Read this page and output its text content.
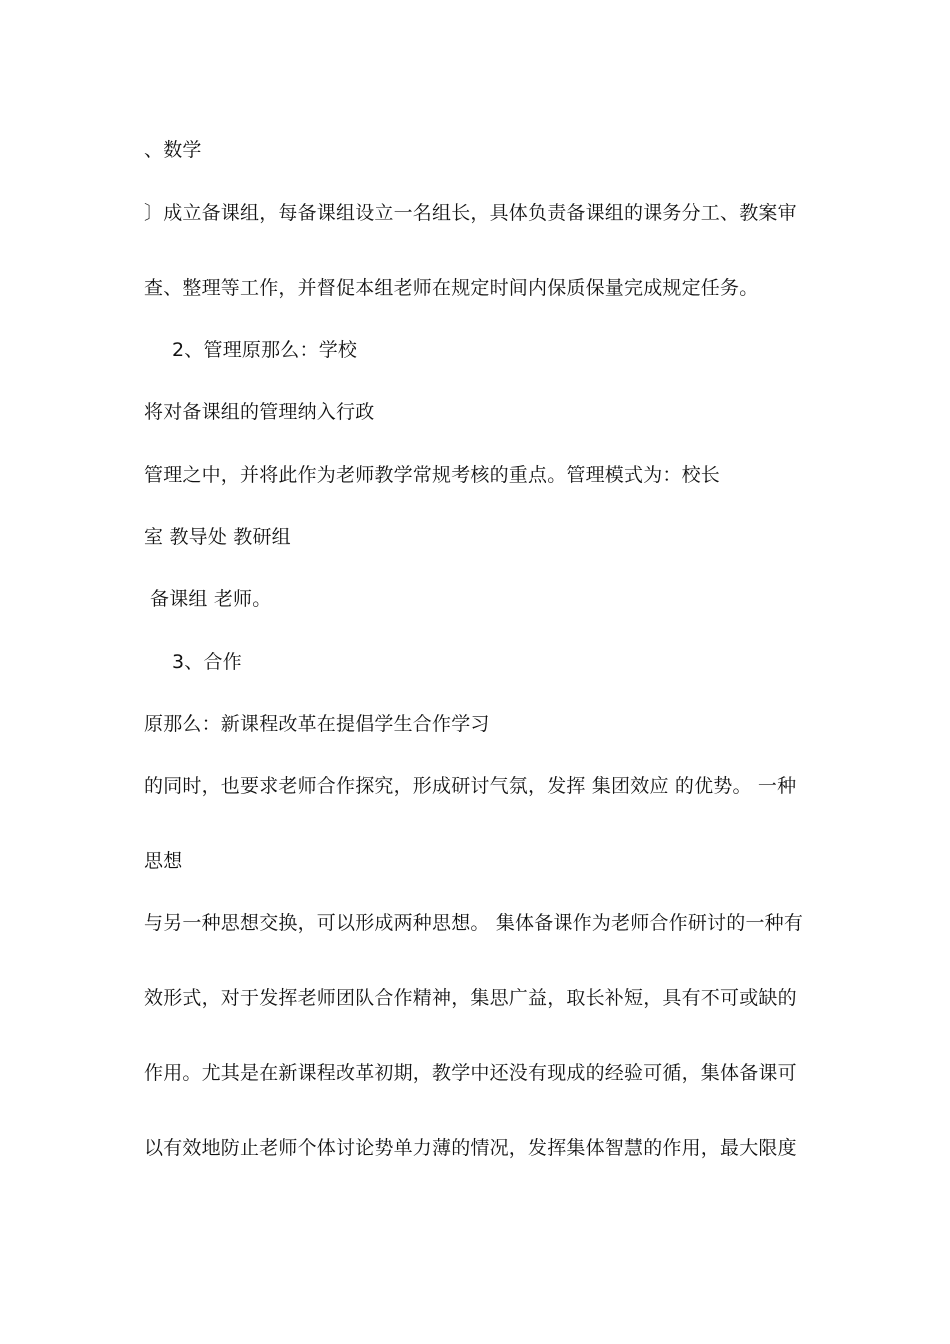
、数学
〕成立备课组，每备课组设立一名组长，具体负责备课组的课务分工、教案审
查、整理等工作，并督促本组老师在规定时间内保质保量完成规定任务。
2、管理原那么：学校
将对备课组的管理纳入行政
管理之中，并将此作为老师教学常规考核的重点。管理模式为：校长
室 教导处 教研组
备课组 老师。
3、合作
原那么：新课程改革在提倡学生合作学习
的同时，也要求老师合作探究，形成研讨气氛，发挥 集团效应 的优势。 一种
思想
与另一种思想交换，可以形成两种思想。 集体备课作为老师合作研讨的一种有
效形式，对于发挥老师团队合作精神，集思广益，取长补短，具有不可或缺的
作用。尤其是在新课程改革初期，教学中还没有现成的经验可循，集体备课可
以有效地防止老师个体讨论势单力薄的情况，发挥集体智慧的作用，最大限度
